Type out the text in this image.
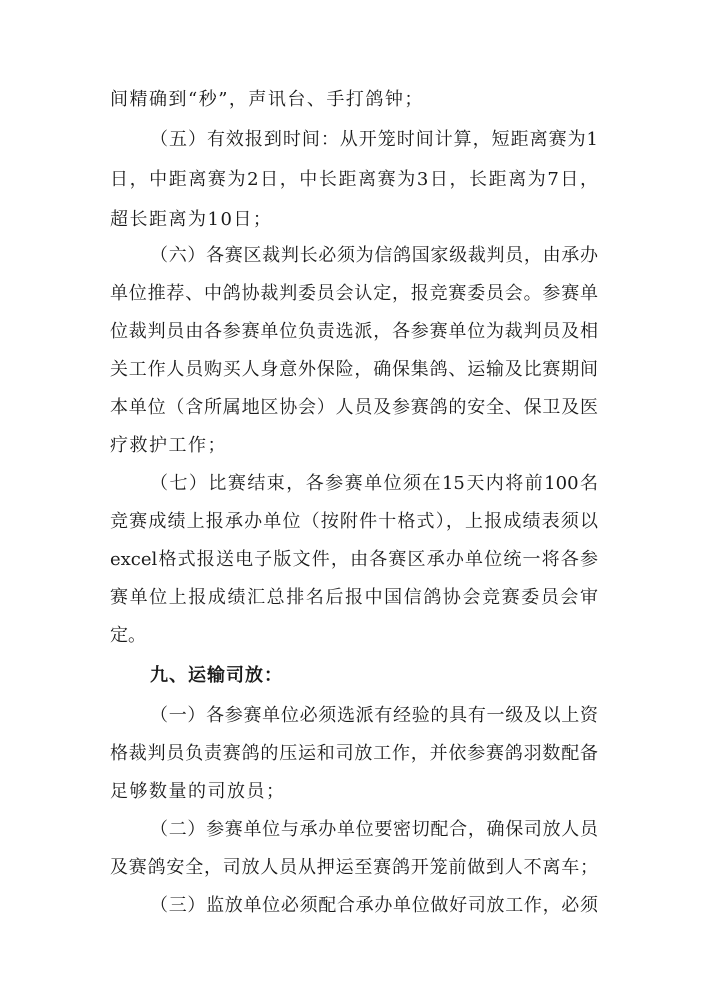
间精确到“秒”，声讯台、手打鸽钟；
（五）有效报到时间：从开笼时间计算，短距离赛为1
日，中距离赛为2日，中长距离赛为3日，长距离为7日，
超长距离为10日；
（六）各赛区裁判长必须为信鸽国家级裁判员，由承办
单位推荐、中鸽协裁判委员会认定，报竞赛委员会。参赛单
位裁判员由各参赛单位负责选派，各参赛单位为裁判员及相
关工作人员购买人身意外保险，确保集鸽、运输及比赛期间
本单位（含所属地区协会）人员及参赛鸽的安全、保卫及医
疗救护工作；
（七）比赛结束，各参赛单位须在15天内将前100名
竞赛成绩上报承办单位（按附件十格式），上报成绩表须以
excel格式报送电子版文件，由各赛区承办单位统一将各参
赛单位上报成绩汇总排名后报中国信鸽协会竞赛委员会审
定。
九、运输司放：
（一）各参赛单位必须选派有经验的具有一级及以上资
格裁判员负责赛鸽的压运和司放工作，并依参赛鸽羽数配备
足够数量的司放员；
（二）参赛单位与承办单位要密切配合，确保司放人员
及赛鸽安全，司放人员从押运至赛鸽开笼前做到人不离车；
（三）监放单位必须配合承办单位做好司放工作，必须
